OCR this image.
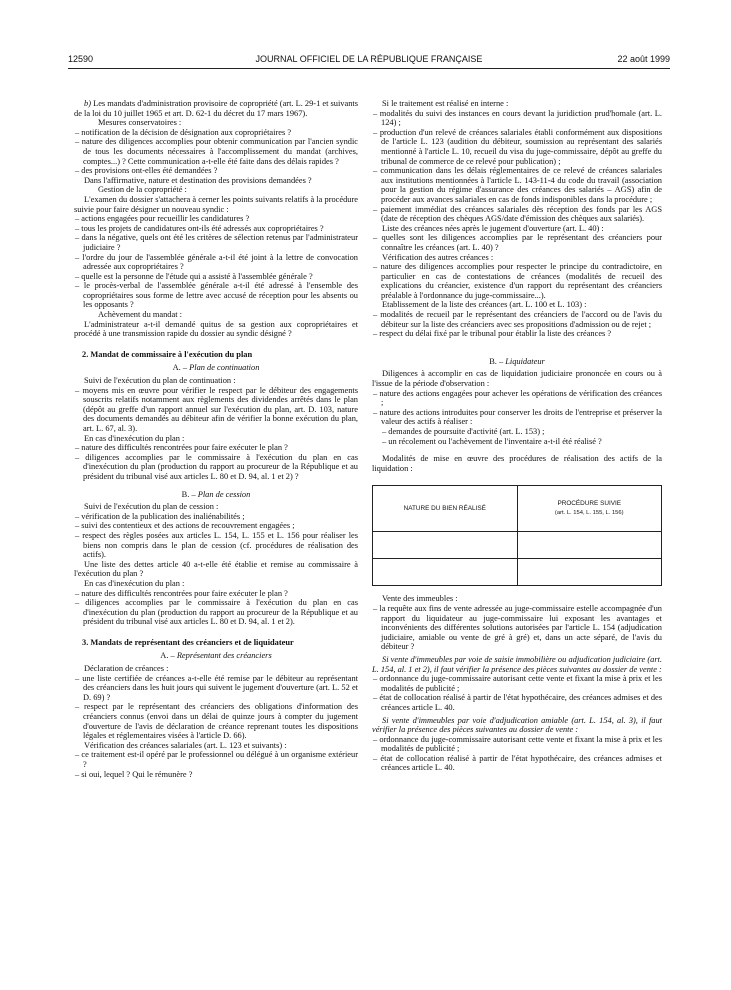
12590	JOURNAL OFFICIEL DE LA RÉPUBLIQUE FRANÇAISE	22 août 1999

b) Les mandats d'administration provisoire de copropriété (art. L. 29-1 et suivants de la loi du 10 juillet 1965 et art. D. 62-1 du décret du 17 mars 1967).

Mesures conservatoires :

– notification de la décision de désignation aux copropriétaires ?

– nature des diligences accomplies pour obtenir communication par l'ancien syndic de tous les documents nécessaires à l'accomplissement du mandat (archives, comptes...) ? Cette communication a-t-elle été faite dans des délais rapides ?

– des provisions ont-elles été demandées ?

Dans l'affirmative, nature et destination des provisions demandées ?

Gestion de la copropriété :

L'examen du dossier s'attachera à cerner les points suivants relatifs à la procédure suivie pour faire désigner un nouveau syndic :

– actions engagées pour recueillir les candidatures ?

– tous les projets de candidatures ont-ils été adressés aux copropriétaires ?

– dans la négative, quels ont été les critères de sélection retenus par l'administrateur judiciaire ?

– l'ordre du jour de l'assemblée générale a-t-il été joint à la lettre de convocation adressée aux copropriétaires ?

– quelle est la personne de l'étude qui a assisté à l'assemblée générale ?

– le procès-verbal de l'assemblée générale a-t-il été adressé à l'ensemble des copropriétaires sous forme de lettre avec accusé de réception pour les absents ou les opposants ?

Achèvement du mandat :

L'administrateur a-t-il demandé quitus de sa gestion aux copropriétaires et procédé à une transmission rapide du dossier au syndic désigné ?

2. Mandat de commissaire à l'exécution du plan

A. – Plan de continuation

Suivi de l'exécution du plan de continuation :

– moyens mis en œuvre pour vérifier le respect par le débiteur des engagements souscrits relatifs notamment aux règlements des dividendes arrêtés dans le plan (dépôt au greffe d'un rapport annuel sur l'exécution du plan, art. D. 103, nature des documents demandés au débiteur afin de vérifier la bonne exécution du plan, art. L. 67, al. 3).

En cas d'inexécution du plan :

– nature des difficultés rencontrées pour faire exécuter le plan ?

– diligences accomplies par le commissaire à l'exécution du plan en cas d'inexécution du plan (production du rapport au procureur de la République et au président du tribunal visé aux articles L. 80 et D. 94, al. 1 et 2) ?

B. – Plan de cession

Suivi de l'exécution du plan de cession :

– vérification de la publication des inaliénabilités ;

– suivi des contentieux et des actions de recouvrement engagées ;

– respect des règles posées aux articles L. 154, L. 155 et L. 156 pour réaliser les biens non compris dans le plan de cession (cf. procédures de réalisation des actifs).

Une liste des dettes article 40 a-t-elle été établie et remise au commissaire à l'exécution du plan ?

En cas d'inexécution du plan :

– nature des difficultés rencontrées pour faire exécuter le plan ?

– diligences accomplies par le commissaire à l'exécution du plan en cas d'inexécution du plan (production du rapport au procureur de la République et au président du tribunal visé aux articles L. 80 et D. 94, al. 1 et 2).

3. Mandats de représentant des créanciers et de liquidateur

A. – Représentant des créanciers

Déclaration de créances :

– une liste certifiée de créances a-t-elle été remise par le débiteur au représentant des créanciers dans les huit jours qui suivent le jugement d'ouverture (art. L. 52 et D. 69) ?

– respect par le représentant des créanciers des obligations d'information des créanciers connus (envoi dans un délai de quinze jours à compter du jugement d'ouverture de l'avis de déclaration de créance reprenant toutes les dispositions légales et réglementaires visées à l'article D. 66).

Vérification des créances salariales (art. L. 123 et suivants) :

– ce traitement est-il opéré par le professionnel ou délégué à un organisme extérieur ?

– si oui, lequel ? Qui le rémunère ?

Si le traitement est réalisé en interne :

– modalités du suivi des instances en cours devant la juridiction prud'homale (art. L. 124) ;

– production d'un relevé de créances salariales établi conformément aux dispositions de l'article L. 123 (audition du débiteur, soumission au représentant des salariés mentionné à l'article L. 10, recueil du visa du juge-commissaire, dépôt au greffe du tribunal de commerce de ce relevé pour publication) ;

– communication dans les délais réglementaires de ce relevé de créances salariales aux institutions mentionnées à l'article L. 143-11-4 du code du travail (association pour la gestion du régime d'assurance des créances des salariés – AGS) afin de procéder aux avances salariales en cas de fonds indisponibles dans la procédure ;

– paiement immédiat des créances salariales dès réception des fonds par les AGS (date de réception des chèques AGS/date d'émission des chèques aux salariés).

Liste des créances nées après le jugement d'ouverture (art. L. 40) :

– quelles sont les diligences accomplies par le représentant des créanciers pour connaître les créances (art. L. 40) ?

Vérification des autres créances :

– nature des diligences accomplies pour respecter le principe du contradictoire, en particulier en cas de contestations de créances (modalités de recueil des explications du créancier, existence d'un rapport du représentant des créanciers préalable à l'ordonnance du juge-commissaire...).

Etablissement de la liste des créances (art. L. 100 et L. 103) :

– modalités de recueil par le représentant des créanciers de l'accord ou de l'avis du débiteur sur la liste des créanciers avec ses propositions d'admission ou de rejet ;

– respect du délai fixé par le tribunal pour établir la liste des créances ?

B. – Liquidateur

Diligences à accomplir en cas de liquidation judiciaire prononcée en cours ou à l'issue de la période d'observation :

– nature des actions engagées pour achever les opérations de vérification des créances ;

– nature des actions introduites pour conserver les droits de l'entreprise et préserver la valeur des actifs à réaliser :

– demandes de poursuite d'activité (art. L. 153) ;

– un récolement ou l'achèvement de l'inventaire a-t-il été réalisé ?

Modalités de mise en œuvre des procédures de réalisation des actifs de la liquidation :

NATURE DU BIEN RÉALISÉ	PROCÉDURE SUIVIE
(art. L. 154, L. 155, L. 156)

Vente des immeubles :

– la requête aux fins de vente adressée au juge-commissaire estelle accompagnée d'un rapport du liquidateur au juge-commissaire lui exposant les avantages et inconvénients des différentes solutions autorisées par l'article L. 154 (adjudication judiciaire, amiable ou vente de gré à gré) et, dans un acte séparé, de l'avis du débiteur ?

Si vente d'immeubles par voie de saisie immobilière ou adjudication judiciaire (art. L. 154, al. 1 et 2), il faut vérifier la présence des pièces suivantes au dossier de vente :

– ordonnance du juge-commissaire autorisant cette vente et fixant la mise à prix et les modalités de publicité ;

– état de collocation réalisé à partir de l'état hypothécaire, des créances admises et des créances article L. 40.

Si vente d'immeubles par voie d'adjudication amiable (art. L. 154, al. 3), il faut vérifier la présence des pièces suivantes au dossier de vente :

– ordonnance du juge-commissaire autorisant cette vente et fixant la mise à prix et les modalités de publicité ;

– état de collocation réalisé à partir de l'état hypothécaire, des créances admises et créances article L. 40.
